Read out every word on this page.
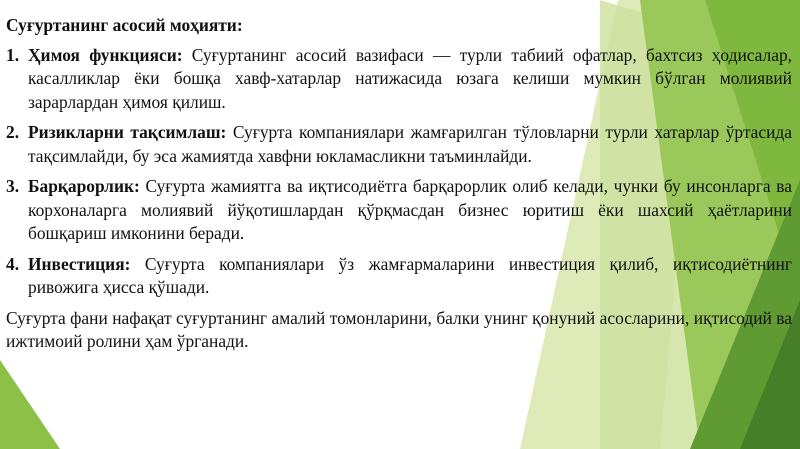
Суғуртанинг асосий моҳияти:
1. Ҳимоя функцияси: Суғуртанинг асосий вазифаси — турли табиий офатлар, бахтсиз ҳодисалар, касалликлар ёки бошқа хавф-хатарлар натижасида юзага келиши мумкин бўлган молиявий зарарлардан ҳимоя қилиш.
2. Ризикларни тақсимлаш: Суғурта компаниялари жамғарилган тўловларни турли хатарлар ўртасида тақсимлайди, бу эса жамиятда хавфни юкламасликни таъминлайди.
3. Барқарорлик: Суғурта жамиятга ва иқтисодиётга барқарорлик олиб келади, чунки бу инсонларга ва корхоналарга молиявий йўқотишлардан қўрқмасдан бизнес юритиш ёки шахсий ҳаётларини бошқариш имконини беради.
4. Инвестиция: Суғурта компаниялари ўз жамғармаларини инвестиция қилиб, иқтисодиётнинг ривожига ҳисса қўшади.

Суғурта фани нафақат суғуртанинг амалий томонларини, балки унинг қонуний асосларини, иқтисодий ва ижтимоий ролини ҳам ўрганади.
